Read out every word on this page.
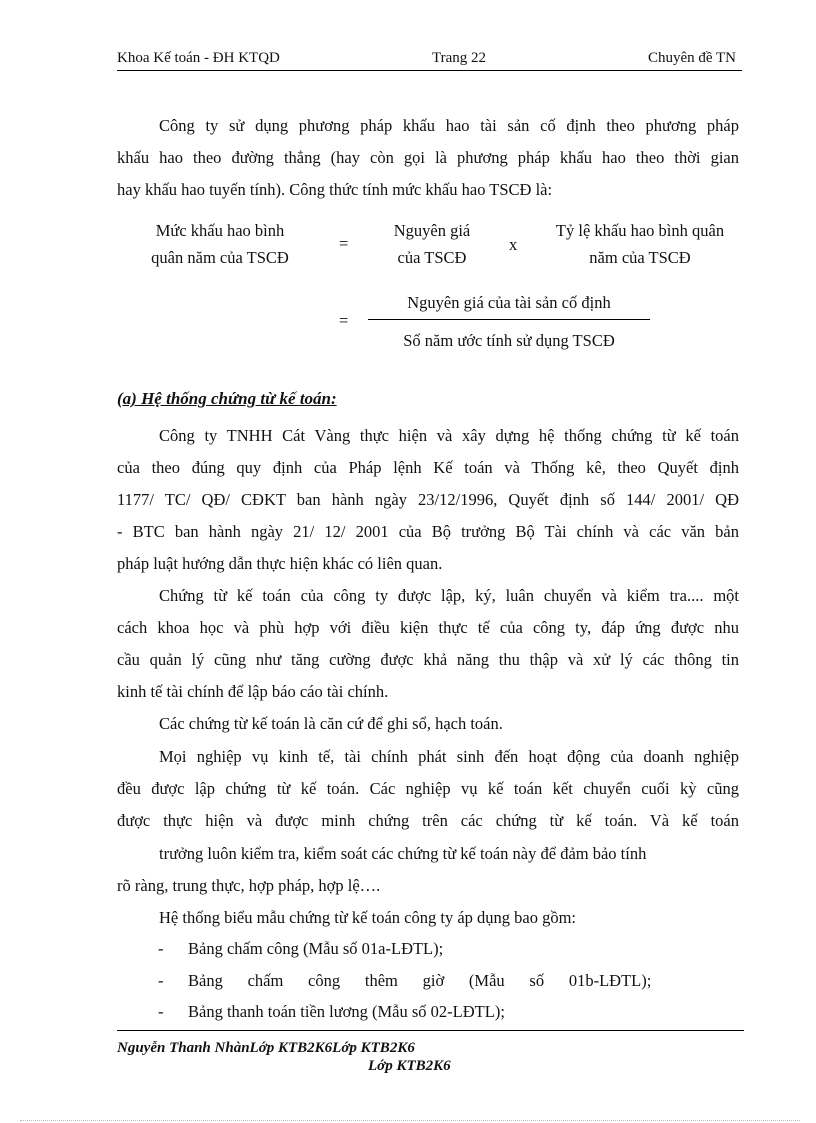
Khoa Kế toán - ĐH KTQD	Trang 22	Chuyên đề TN
Công ty sử dụng phương pháp khấu hao tài sản cố định theo phương pháp
khấu hao theo đường thẳng (hay còn gọi là phương pháp khấu hao theo thời gian
hay khấu hao tuyến tính). Công thức tính mức khấu hao TSCĐ là:
Mức khấu hao bình
quân năm của TSCĐ
=
Nguyên giá
của TSCĐ
x
Tỷ lệ khấu hao bình quân
năm của TSCĐ
=
Nguyên giá của tài sản cố định
Số năm ước tính sử dụng TSCĐ
(a) Hệ thống chứng từ kế toán:
Công ty TNHH Cát Vàng thực hiện và xây dựng hệ thống chứng từ kế toán
của theo đúng quy định của Pháp lệnh Kế toán và Thống kê, theo Quyết định
1177/ TC/ QĐ/ CĐKT ban hành ngày 23/12/1996, Quyết định số 144/ 2001/ QĐ
- BTC ban hành ngày 21/ 12/ 2001 của Bộ trưởng Bộ Tài chính và các văn bản
pháp luật hướng dẫn thực hiện khác có liên quan.
Chứng từ kế toán của công ty được lập, ký, luân chuyển và kiểm tra.... một
cách khoa học và phù hợp với điều kiện thực tế của công ty, đáp ứng được nhu
cầu quản lý cũng như tăng cường được khả năng thu thập và xử lý các thông tin
kinh tế tài chính để lập báo cáo tài chính.
Các chứng từ kế toán là căn cứ để ghi sổ, hạch toán.
Mọi nghiệp vụ kinh tế, tài chính phát sinh đến hoạt động của doanh nghiệp
đều được lập chứng từ kế toán. Các nghiệp vụ kế toán kết chuyển cuối kỳ cũng
được thực hiện và được minh chứng trên các chứng từ kế toán. Và kế toán
trưởng luôn kiểm tra, kiểm soát các chứng từ kế toán này để đảm bảo tính
rõ ràng, trung thực, hợp pháp, hợp lệ….
Hệ thống biểu mẫu chứng từ kế toán công ty áp dụng bao gồm:
- Bảng chấm công (Mẫu số 01a-LĐTL);
- Bảng      chấm      công      thêm      giờ      (Mẫu      số      01b-LĐTL);
- Bảng thanh toán tiền lương (Mẫu số 02-LĐTL);
Nguyễn Thanh NhànLớp KTB2K6Lớp KTB2K6
Lớp KTB2K6
